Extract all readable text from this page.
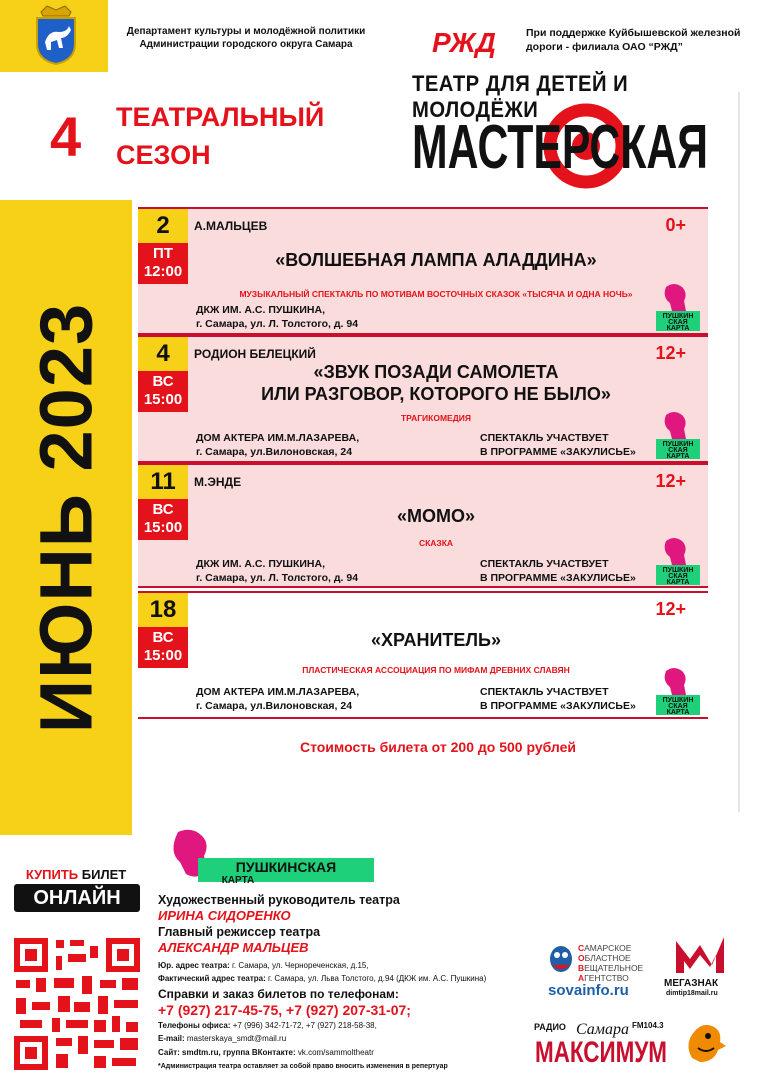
Департамент культуры и молодёжной политики
Администрации городского округа Самара	РЖД	При поддержке Куйбышевской железной
дороги - филиала ОАО “РЖД”
4 ТЕАТРАЛЬНЫЙ
СЕЗОН
ТЕАТР ДЛЯ ДЕТЕЙ И МОЛОДЁЖИ
МАСТЕРСКАЯ
ИЮНЬ 2023
2
ПТ
12:00
А.МАЛЬЦЕВ	0+
«ВОЛШЕБНАЯ ЛАМПА АЛАДДИНА»
МУЗЫКАЛЬНЫЙ СПЕКТАКЛЬ ПО МОТИВАМ ВОСТОЧНЫХ СКАЗОК «ТЫСЯЧА И ОДНА НОЧЬ»
ДКЖ ИМ. А.С. ПУШКИНА,
г. Самара, ул. Л. Толстого, д. 94
ПУШКИН
СКАЯ
КАРТА
4
ВС
15:00
РОДИОН БЕЛЕЦКИЙ	12+
«ЗВУК ПОЗАДИ САМОЛЕТА
ИЛИ РАЗГОВОР, КОТОРОГО НЕ БЫЛО»
ТРАГИКОМЕДИЯ
ДОМ АКТЕРА ИМ.М.ЛАЗАРЕВА,
г. Самара, ул.Вилоновская, 24
СПЕКТАКЛЬ УЧАСТВУЕТ
В ПРОГРАММЕ «ЗАКУЛИСЬЕ»
ПУШКИН
СКАЯ
КАРТА
11
ВС
15:00
М.ЭНДЕ	12+
«МОМО»
СКАЗКА
ДКЖ ИМ. А.С. ПУШКИНА,
г. Самара, ул. Л. Толстого, д. 94
СПЕКТАКЛЬ УЧАСТВУЕТ
В ПРОГРАММЕ «ЗАКУЛИСЬЕ»
ПУШКИН
СКАЯ
КАРТА
18
ВС
15:00
12+
«ХРАНИТЕЛЬ»
ПЛАСТИЧЕСКАЯ АССОЦИАЦИЯ ПО МИФАМ ДРЕВНИХ СЛАВЯН
ДОМ АКТЕРА ИМ.М.ЛАЗАРЕВА,
г. Самара, ул.Вилоновская, 24
СПЕКТАКЛЬ УЧАСТВУЕТ
В ПРОГРАММЕ «ЗАКУЛИСЬЕ»	ПУШКИН
СКАЯ
КАРТА
Стоимость билета от 200 до 500 рублей
КУПИТЬ БИЛЕТ
ОНЛАЙН
ПУШКИНСКАЯ
КАРТА
Художественный руководитель театра
ИРИНА СИДОРЕНКО
Главный режиссер театра
АЛЕКСАНДР МАЛЬЦЕВ
Юр. адрес театра: г. Самара, ул. Чернореченская, д.15,
Фактический адрес театра: г. Самара, ул. Льва Толстого, д.94 (ДКЖ им. А.С. Пушкина)
Справки и заказ билетов по телефонам:
+7 (927) 217-45-75, +7 (927) 207-31-07;
Телефоны офиса: +7 (996) 342-71-72, +7 (927) 218-58-38,
E-mail: masterskaya_smdt@mail.ru
Сайт: smdtm.ru, группа ВКонтакте: vk.com/sammoltheatr
*Администрация театра оставляет за собой право вносить изменения в репертуар
САМАРСКОЕ
ОБЛАСТНОЕ
ВЕЩАТЕЛЬНОЕ
АГЕНТСТВО
sovainfo.ru	МЕГАЗНАК
dimtip18mail.ru
РАДИО Самара FM104.3
МАКСИМУМ
